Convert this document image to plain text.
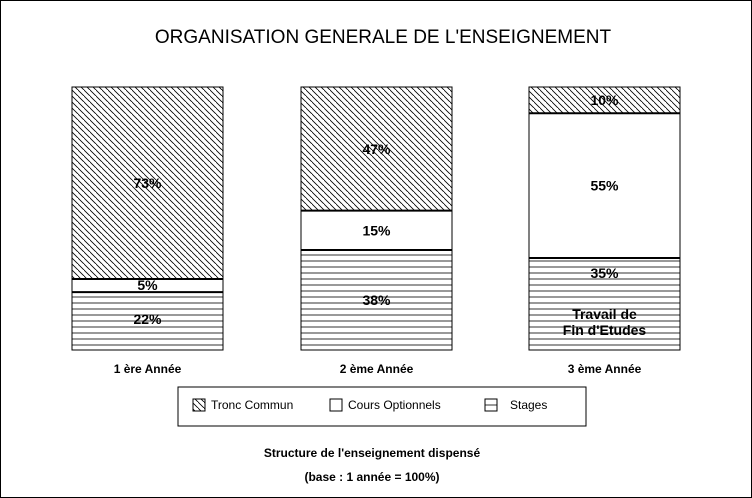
ORGANISATION GENERALE DE L'ENSEIGNEMENT
22%
5%
73%
1 ère Année
38%
15%
47%
2 ème Année
35%
55%
10%
3 ème Année
Travail de
Fin d'Etudes
Tronc Commun	Cours Optionnels	Stages
Structure de l'enseignement dispensé
(base : 1 année = 100%)
